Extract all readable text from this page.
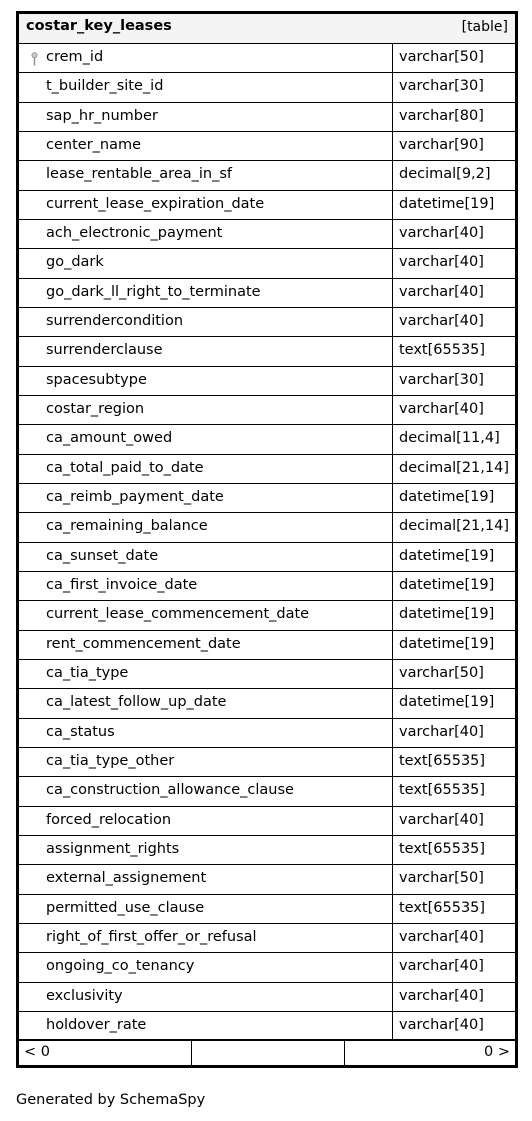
costar_key_leases	[table]
crem_id	varchar[50]
t_builder_site_id	varchar[30]
sap_hr_number	varchar[80]
center_name	varchar[90]
lease_rentable_area_in_sf	decimal[9,2]
current_lease_expiration_date	datetime[19]
ach_electronic_payment	varchar[40]
go_dark	varchar[40]
go_dark_ll_right_to_terminate	varchar[40]
surrendercondition	varchar[40]
surrenderclause	text[65535]
spacesubtype	varchar[30]
costar_region	varchar[40]
ca_amount_owed	decimal[11,4]
ca_total_paid_to_date	decimal[21,14]
ca_reimb_payment_date	datetime[19]
ca_remaining_balance	decimal[21,14]
ca_sunset_date	datetime[19]
ca_first_invoice_date	datetime[19]
current_lease_commencement_date	datetime[19]
rent_commencement_date	datetime[19]
ca_tia_type	varchar[50]
ca_latest_follow_up_date	datetime[19]
ca_status	varchar[40]
ca_tia_type_other	text[65535]
ca_construction_allowance_clause	text[65535]
forced_relocation	varchar[40]
assignment_rights	text[65535]
external_assignement	varchar[50]
permitted_use_clause	text[65535]
right_of_first_offer_or_refusal	varchar[40]
ongoing_co_tenancy	varchar[40]
exclusivity	varchar[40]
holdover_rate	varchar[40]
< 0	0 >
Generated by SchemaSpy
